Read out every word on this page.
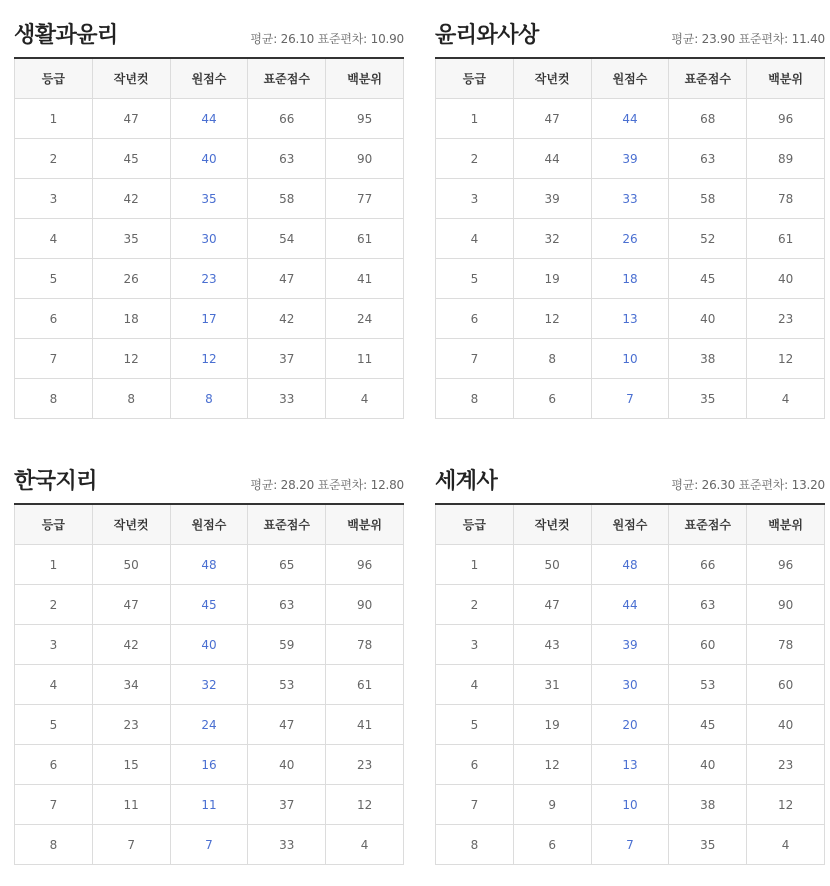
생활과윤리	평균: 26.10 표준편차: 10.90
등급	작년컷	원점수	표준점수	백분위
1	47	44	66	95
2	45	40	63	90
3	42	35	58	77
4	35	30	54	61
5	26	23	47	41
6	18	17	42	24
7	12	12	37	11
8	8	8	33	4
윤리와사상	평균: 23.90 표준편차: 11.40
등급	작년컷	원점수	표준점수	백분위
1	47	44	68	96
2	44	39	63	89
3	39	33	58	78
4	32	26	52	61
5	19	18	45	40
6	12	13	40	23
7	8	10	38	12
8	6	7	35	4
한국지리	평균: 28.20 표준편차: 12.80
등급	작년컷	원점수	표준점수	백분위
1	50	48	65	96
2	47	45	63	90
3	42	40	59	78
4	34	32	53	61
5	23	24	47	41
6	15	16	40	23
7	11	11	37	12
8	7	7	33	4
세계사	평균: 26.30 표준편차: 13.20
등급	작년컷	원점수	표준점수	백분위
1	50	48	66	96
2	47	44	63	90
3	43	39	60	78
4	31	30	53	60
5	19	20	45	40
6	12	13	40	23
7	9	10	38	12
8	6	7	35	4
